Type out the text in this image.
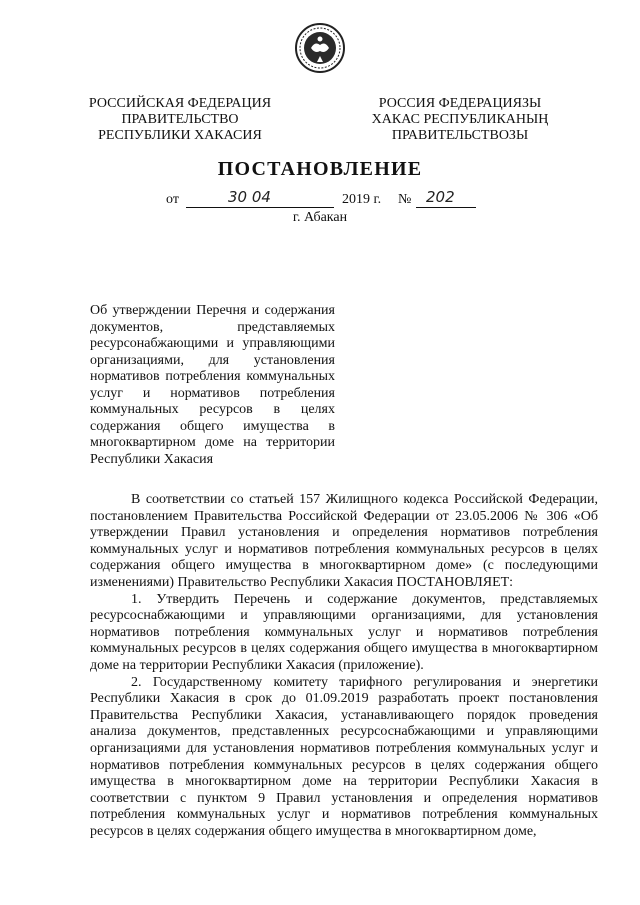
РОССИЙСКАЯ ФЕДЕРАЦИЯ
ПРАВИТЕЛЬСТВО
РЕСПУБЛИКИ ХАКАСИЯ
РОССИЯ ФЕДЕРАЦИЯЗЫ
ХАКАС РЕСПУБЛИКАНЫҢ
ПРАВИТЕЛЬСТВОЗЫ
ПОСТАНОВЛЕНИЕ
от	30 04	2019 г. № 202
г. Абакан
Об утверждении Перечня и содержания документов, представляемых ресурсонабжающими и управляющими организациями, для установления нормативов потребления коммунальных услуг и нормативов потребления коммунальных ресурсов в целях содержания общего имущества в многоквартирном доме на территории Республики Хакасия

В соответствии со статьей 157 Жилищного кодекса Российской Федерации, постановлением Правительства Российской Федерации от 23.05.2006 № 306 «Об утверждении Правил установления и определения нормативов потребления коммунальных услуг и нормативов потребления коммунальных ресурсов в целях содержания общего имущества в многоквартирном доме» (с последующими изменениями) Правительство Республики Хакасия ПОСТАНОВЛЯЕТ:

1. Утвердить Перечень и содержание документов, представляемых ресурсоснабжающими и управляющими организациями, для установления нормативов потребления коммунальных услуг и нормативов потребления коммунальных ресурсов в целях содержания общего имущества в многоквартирном доме на территории Республики Хакасия (приложение).

2. Государственному комитету тарифного регулирования и энергетики Республики Хакасия в срок до 01.09.2019 разработать проект постановления Правительства Республики Хакасия, устанавливающего порядок проведения анализа документов, представленных ресурсоснабжающими и управляющими организациями для установления нормативов потребления коммунальных услуг и нормативов потребления коммунальных ресурсов в целях содержания общего имущества в многоквартирном доме на территории Республики Хакасия в соответствии с пунктом 9 Правил установления и определения нормативов потребления коммунальных услуг и нормативов потребления коммунальных ресурсов в целях содержания общего имущества в многоквартирном доме,
